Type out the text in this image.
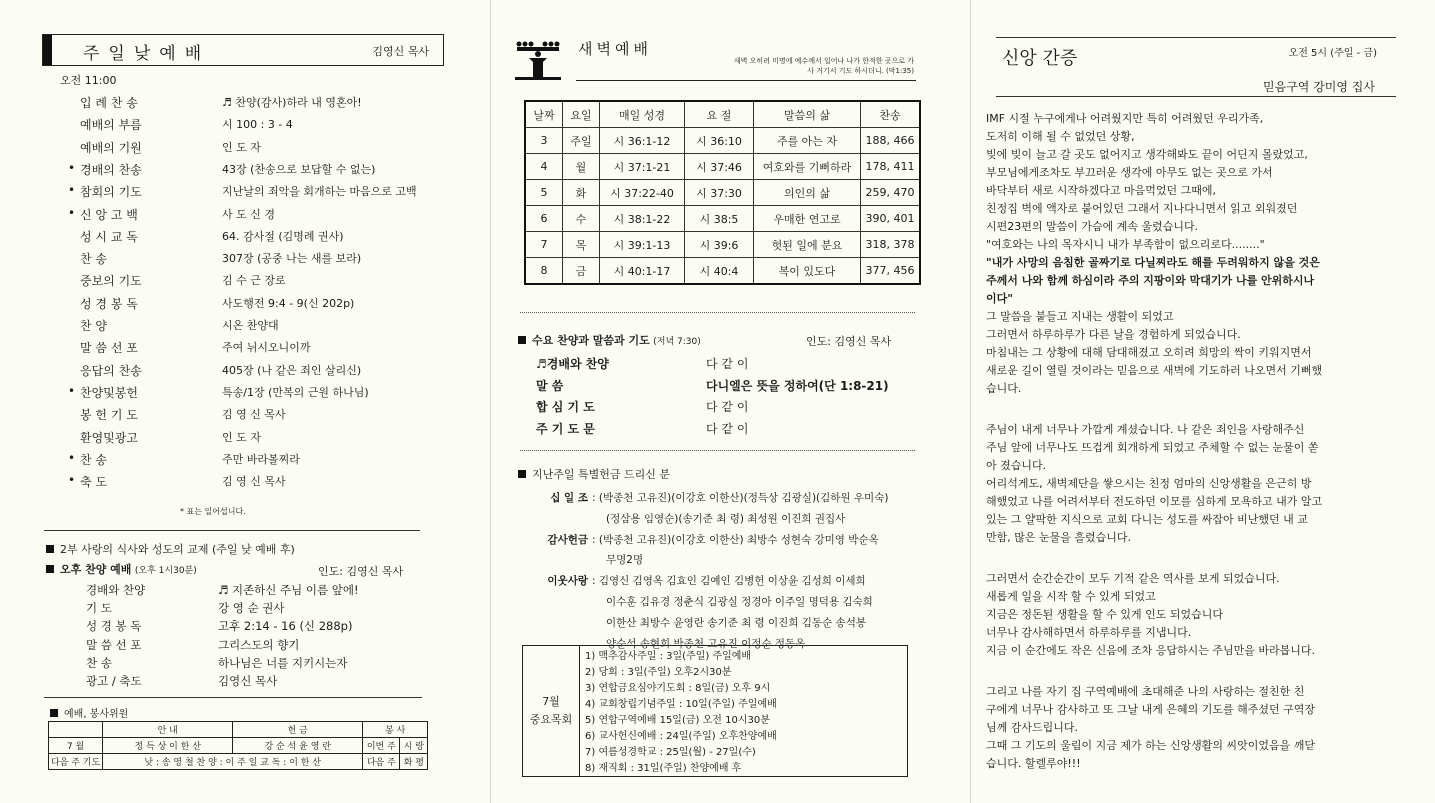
주일낮예배	김영신 목사
오전 11:00
입 례 찬 송	♬ 찬양(감사)하라 내 영혼아!
예배의 부름	시 100 : 3 - 4
예배의 기원	인 도 자
• 경배의 찬송	43장 (찬송으로 보답할 수 없는)
• 참회의 기도	지난날의 죄악을 회개하는 마음으로 고백
• 신 앙 고 백	사 도 신 경
성 시 교 독	64. 감사절 (김명례 권사)
찬 송	307장 (공중 나는 새를 보라)
중보의 기도	김 수 근 장로
성 경 봉 독	사도행전 9:4 - 9(신 202p)
찬 양	시온 찬양대
말 씀 선 포	주여 뉘시오니이까
응답의 찬송	405장 (나 같은 죄인 살리신)
• 찬양및봉헌	특송/1장 (만복의 근원 하나님)
봉 헌 기 도	김 영 신 목사
환영및광고	인 도 자
• 찬 송	주만 바라볼찌라
• 축 도	김 영 신 목사
* 표는 일어섭니다.
2부 사랑의 식사와 성도의 교제 (주일 낮 예배 후)
오후 찬양 예배 (오후 1시30분)	인도: 김영신 목사
경배와 찬양	♬ 지존하신 주님 이름 앞에!
기 도	강 영 순 권사
성 경 봉 독	고후 2:14 - 16 (신 288p)
말 씀 선 포	그리스도의 향기
찬 송	하나님은 너를 지키시는자
광고 / 축도	김영신 목사
예배, 봉사위원
	안 내	헌 금	봉 사	
7 월	정 득 상 이 한 산	강 순 석 윤 영 란	이번 주	시 랑
다음 주 기도	낮 : 송 영 철 찬 양 : 이 주 일 교 독 : 이 한 산		다음 주	화 평
새벽예배	오전 5시 (주일 - 금)
새벽 오히려 미명에 예수께서 일어나 나가 한적한 곳으로 가사 거기서 기도 하시더니. (막1:35)
날짜	요일	매일 성경	요 절	말씀의 삶	찬송
3	주일	시 36:1-12	시 36:10	주를 아는 자	188, 466
4	월	시 37:1-21	시 37:46	여호와를 기뻐하라	178, 411
5	화	시 37:22-40	시 37:30	의인의 삶	259, 470
6	수	시 38:1-22	시 38:5	우매한 연고로	390, 401
7	목	시 39:1-13	시 39:6	헛된 일에 분요	318, 378
8	금	시 40:1-17	시 40:4	복이 있도다	377, 456
수요 찬양과 말씀과 기도 (저녁 7:30)	인도: 김영신 목사
♬경배와 찬양	다 같 이
말 씀	다니엘은 뜻을 정하여(단 1:8-21)
합 심 기 도	다 같 이
주 기 도 문	다 같 이
지난주일 특별헌금 드리신 분
십 일 조 : (박종천 고유진)(이강호 이한산)(정득상 김광실)(김하원 우미숙)
(정삼용 임영순)(송기준 최 령) 최성원 이진희 권집사
감사헌금 : (박종천 고유진)(이강호 이한산) 최방수 성현숙 강미영 박순옥
무명2명
이웃사랑 : 김영신 김영옥 김효인 김예인 김병헌 이상윤 김성희 이세희
이수훈 김유경 정춘식 김광실 정경아 이주일 명덕용 김숙희
이한산 최방수 윤영란 송기준 최 령 이진희 김동순 송석봉
양순석 송현희 박종천 고유진 이정순 정동옥
7월
중요목회
1) 맥추감사주일 : 3일(주일) 주일예배
2) 당회 : 3일(주일) 오후2시30분
3) 연합금요심야기도회 : 8일(금) 오후 9시
4) 교회창립기념주일 : 10일(주일) 주일예배
5) 연합구역예배 15일(금) 오전 10시30분
6) 교사헌신예배 : 24일(주일) 오후찬양예배
7) 여름성경학교 : 25일(월) - 27일(수)
8) 재직회 : 31일(주일) 찬양예배 후
신앙 간증
믿음구역 강미영 집사
IMF 시절 누구에게나 어려웠지만 특히 어려웠던 우리가족,
도저히 이해 될 수 없었던 상황,
빚에 빚이 늘고 갈 곳도 없어지고 생각해봐도 끝이 어딘지 몰랐었고,
부모님에게조차도 부끄러운 생각에 아무도 없는 곳으로 가서
바닥부터 새로 시작하겠다고 마음먹었던 그때에,
친정집 벽에 액자로 붙어있던 그래서 지나다니면서 읽고 외워졌던
시편23편의 말씀이 가슴에 계속 울렸습니다.
"여호와는 나의 목자시니 내가 부족함이 없으리로다........"
"내가 사망의 음침한 골짜기로 다닐찌라도 해를 두려워하지 않을 것은
주께서 나와 함께 하심이라 주의 지팡이와 막대기가 나를 안위하시나
이다"
그 말씀을 붙들고 지내는 생활이 되었고
그러면서 하루하루가 다른 날을 경험하게 되었습니다.
마침내는 그 상황에 대해 담대해졌고 오히려 희망의 싹이 키워지면서
새로운 길이 열릴 것이라는 믿음으로 새벽에 기도하러 나오면서 기뻐했
습니다.
주님이 내게 너무나 가깝게 계셨습니다. 나 같은 죄인을 사랑해주신
주님 앞에 너무나도 뜨겁게 회개하게 되었고 주체할 수 없는 눈물이 쏟
아 졌습니다.
어리석게도, 새벽제단을 쌓으시는 친정 엄마의 신앙생활을 은근히 방
해했었고 나를 어려서부터 전도하던 이모를 심하게 모욕하고 내가 알고
있는 그 얄팍한 지식으로 교회 다니는 성도를 싸잡아 비난했던 내 교
만함, 많은 눈물을 흘렸습니다.
그러면서 순간순간이 모두 기적 같은 역사를 보게 되었습니다.
새롭게 일을 시작 할 수 있게 되었고
지금은 정돈된 생활을 할 수 있게 인도 되었습니다
너무나 감사해하면서 하루하루를 지냅니다.
지금 이 순간에도 작은 신음에 조차 응답하시는 주님만을 바라봅니다.
그리고 나를 자기 집 구역예배에 초대해준 나의 사랑하는 절친한 친
구에게 너무나 감사하고 또 그날 내게 은혜의 기도를 해주셨던 구역장
님께 감사드립니다.
그때 그 기도의 울림이 지금 제가 하는 신앙생활의 씨앗이었음을 깨닫
습니다. 할렐루야!!!
